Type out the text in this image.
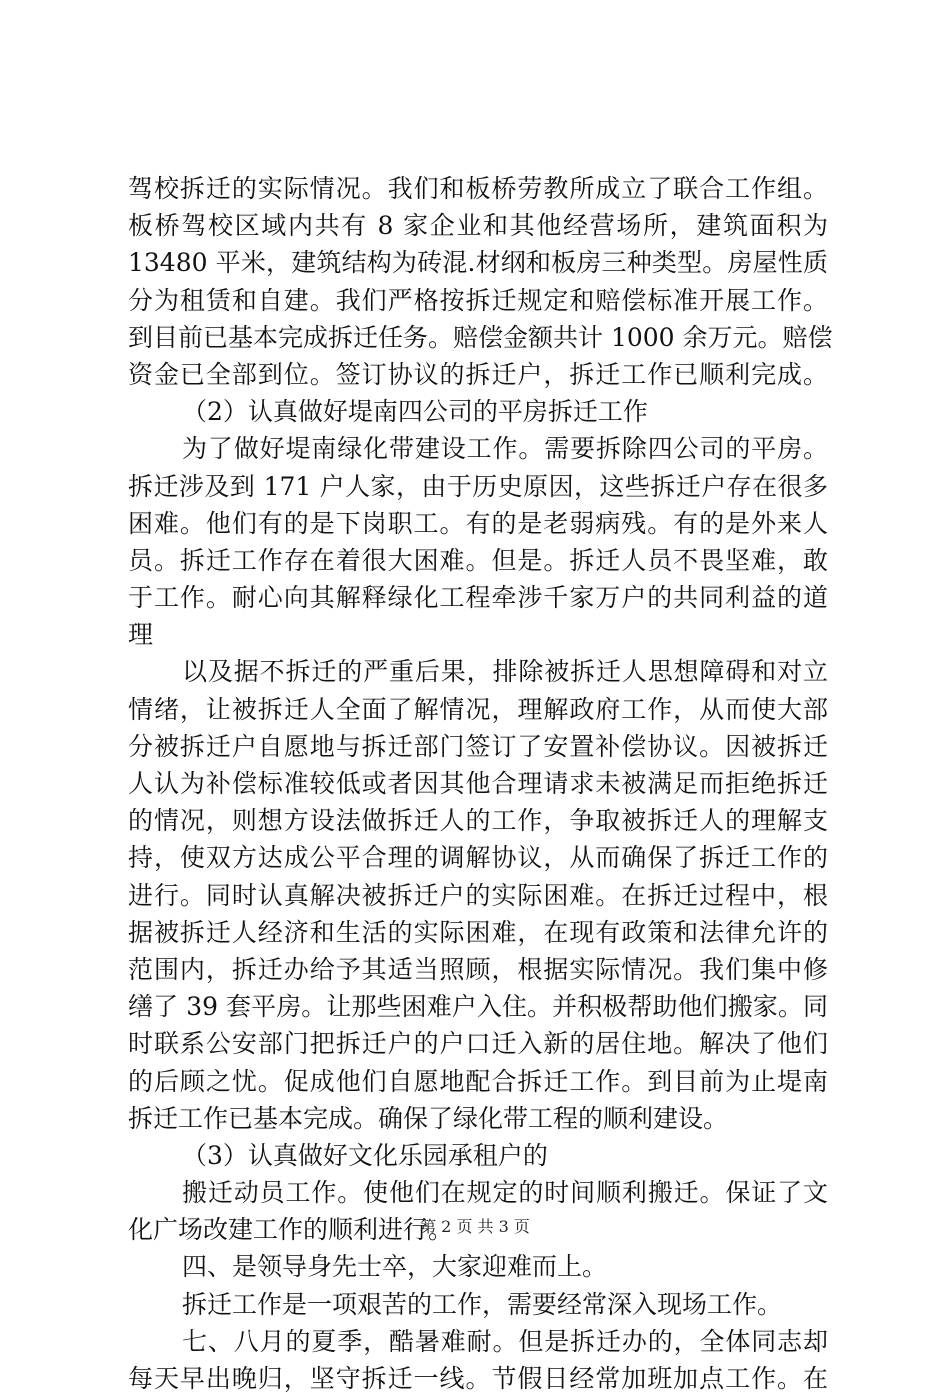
驾校拆迁的实际情况。我们和板桥劳教所成立了联合工作组。
板桥驾校区域内共有 8 家企业和其他经营场所，建筑面积为
13480 平米，建筑结构为砖混.材纲和板房三种类型。房屋性质
分为租赁和自建。我们严格按拆迁规定和赔偿标准开展工作。
到目前已基本完成拆迁任务。赔偿金额共计 1000 余万元。赔偿
资金已全部到位。签订协议的拆迁户，拆迁工作已顺利完成。
（2）认真做好堤南四公司的平房拆迁工作
为了做好堤南绿化带建设工作。需要拆除四公司的平房。
拆迁涉及到 171 户人家，由于历史原因，这些拆迁户存在很多
困难。他们有的是下岗职工。有的是老弱病残。有的是外来人
员。拆迁工作存在着很大困难。但是。拆迁人员不畏坚难，敢
于工作。耐心向其解释绿化工程牵涉千家万户的共同利益的道
理
以及据不拆迁的严重后果，排除被拆迁人思想障碍和对立
情绪，让被拆迁人全面了解情况，理解政府工作，从而使大部
分被拆迁户自愿地与拆迁部门签订了安置补偿协议。因被拆迁
人认为补偿标准较低或者因其他合理请求未被满足而拒绝拆迁
的情况，则想方设法做拆迁人的工作，争取被拆迁人的理解支
持，使双方达成公平合理的调解协议，从而确保了拆迁工作的
进行。同时认真解决被拆迁户的实际困难。在拆迁过程中，根
据被拆迁人经济和生活的实际困难，在现有政策和法律允许的
范围内，拆迁办给予其适当照顾，根据实际情况。我们集中修
缮了 39 套平房。让那些困难户入住。并积极帮助他们搬家。同
时联系公安部门把拆迁户的户口迁入新的居住地。解决了他们
的后顾之忧。促成他们自愿地配合拆迁工作。到目前为止堤南
拆迁工作已基本完成。确保了绿化带工程的顺利建设。
（3）认真做好文化乐园承租户的
搬迁动员工作。使他们在规定的时间顺利搬迁。保证了文
化广场改建工作的顺利进行。
四、是领导身先士卒，大家迎难而上。
拆迁工作是一项艰苦的工作，需要经常深入现场工作。
七、八月的夏季，酷暑难耐。但是拆迁办的，全体同志却
每天早出晚归，坚守拆迁一线。节假日经常加班加点工作。在
第 2 页 共 3 页
